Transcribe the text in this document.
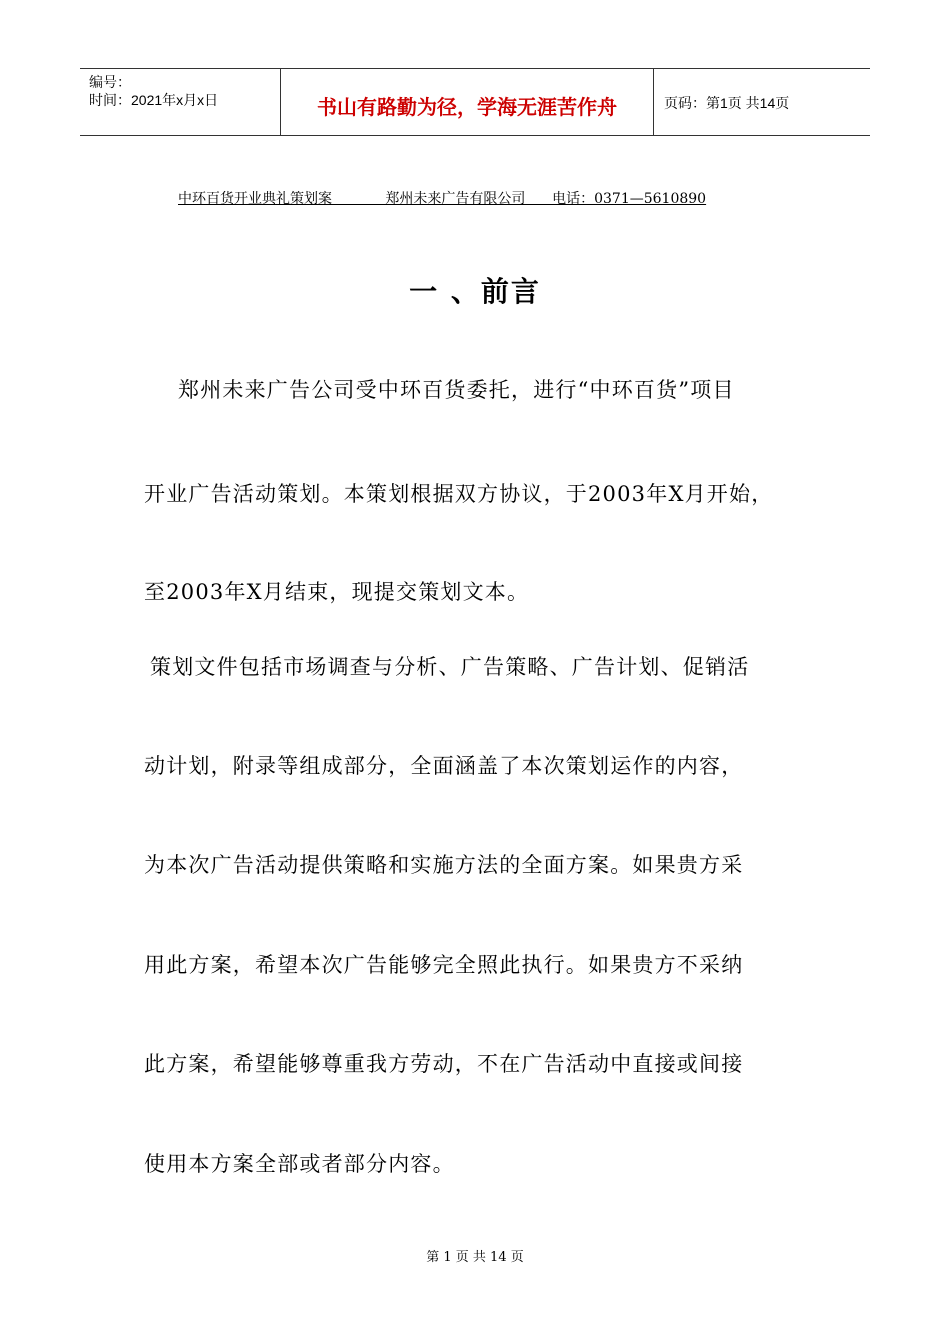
编号：
时间：2021年x月x日	书山有路勤为径，学海无涯苦作舟	页码：第1页 共14页
中环百货开业典礼策划案            郑州未来广告有限公司      电话：0371—5610890
一 、前言
郑州未来广告公司受中环百货委托，进行“中环百货”项目
开业广告活动策划。本策划根据双方协议，于2003年X月开始，
至2003年X月结束，现提交策划文本。
策划文件包括市场调查与分析、广告策略、广告计划、促销活
动计划，附录等组成部分，全面涵盖了本次策划运作的内容，
为本次广告活动提供策略和实施方法的全面方案。如果贵方采
用此方案，希望本次广告能够完全照此执行。如果贵方不采纳
此方案，希望能够尊重我方劳动，不在广告活动中直接或间接
使用本方案全部或者部分内容。
第 1 页 共 14 页
